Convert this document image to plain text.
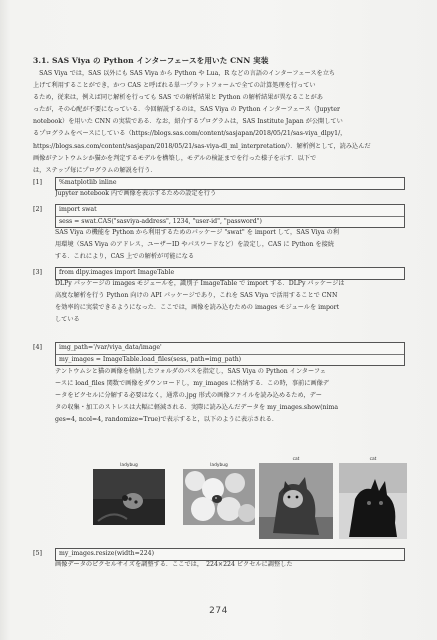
3.1. SAS Viya の Python インターフェースを用いた CNN 実装
　SAS Viya では，SAS 以外にも SAS Viya から Python や Lua，R などの言語のインターフェースを立ち
上げて利用することができ，かつ CAS と呼ばれる単一プラットフォームで全ての計算処理を行ってい
るため，従来は，例えば同じ解析を行っても SAS での解析結果と Python の解析結果が異なることがあ
ったが，その心配が不要になっている．今回解説するのは，SAS Viya の Python インターフェース（Jupyter
notebook）を用いた CNN の実装である．なお，紹介するプログラムは，SAS Institute Japan が公開してい
るプログラムをベースにしている（https://blogs.sas.com/content/sasjapan/2018/05/21/sas-viya_dlpy1/，
https://blogs.sas.com/content/sasjapan/2018/05/21/sas-viya-dl_ml_interpretation/）．解析例として，読み込んだ
画像がテントウムシか猫かを判定するモデルを構築し，モデルの検証までを行った様子を示す．以下で
は，ステップ毎にプログラムの解説を行う．
[1]	%matplotlib inline
Jupyter notebook 内で画像を表示するための設定を行う
[2]	import swat
sess = swat.CAS("sasviya-address", 1234, "user-id", "password")
SAS Viya の機能を Python から利用するためのパッケージ "swat" を import して，SAS Viya の利
用環境（SAS Viya のアドレス，ユーザーID やパスワードなど）を設定し，CAS に Python を接続
する．これにより，CAS 上での解析が可能になる
[3]	from dlpy.images import ImageTable
DLPy パッケージの images モジュールを，識別子 ImageTable で import する．DLPy パッケージは
高度な解析を行う Python 向けの API パッケージであり，これを SAS Viya で活用することで CNN
を効率的に実装できるようになった．ここでは，画像を読み込むための images モジュールを import
している
[4]	img_path='/var/viya_data/image'
my_images = ImageTable.load_files(sess, path=img_path)
テントウムシと猫の画像を格納したフォルダのパスを指定し，SAS Viya の Python インターフェ
ースに load_files 関数で画像をダウンロードし，my_images に格納する．この時，事前に画像デ
ータをピクセルに分解する必要はなく，通常の.jpg 形式の画像ファイルを読み込めるため，デー
タの収集・加工のストレスは大幅に軽減される．実際に読み込んだデータを my_images.show(nima
ges=4, ncol=4, randomize=True)で表示すると，以下のように表示される．
ladybug	ladybug
cat	cat
[5]	my_images.resize(width=224)
画像データのピクセルサイズを調整する．ここでは，　224×224 ピクセルに調整した
274
